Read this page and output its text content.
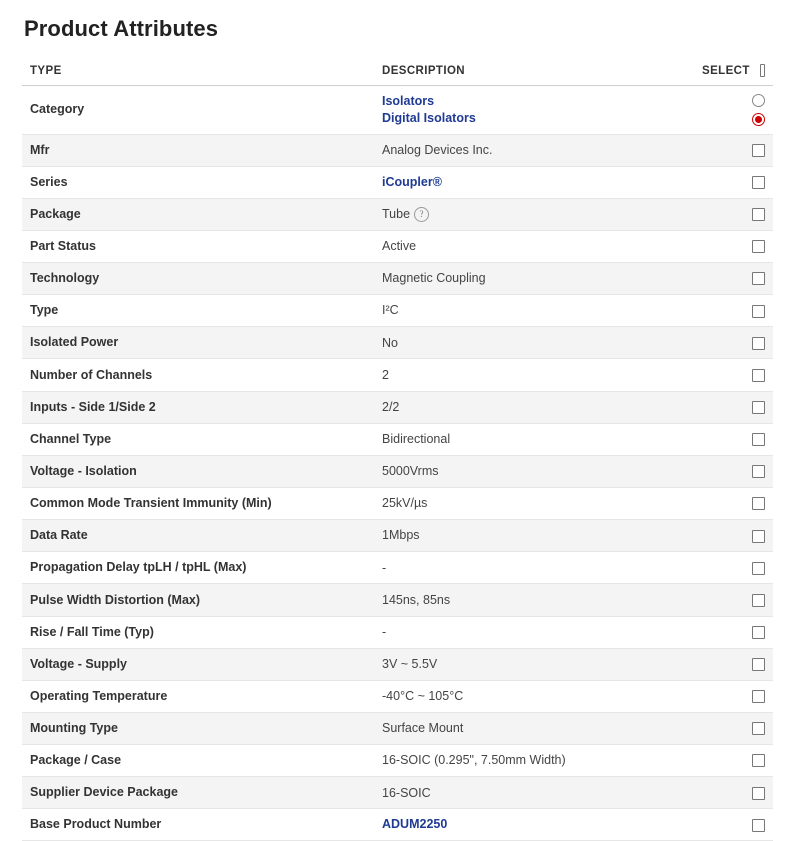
Product Attributes
TYPE	DESCRIPTION	SELECT

Category	Isolators
Digital Isolators	

Mfr	Analog Devices Inc.	
Series	iCoupler®	

Package	Tube ?	
Part Status	Active	
Technology	Magnetic Coupling	
Type	I²C	
Isolated Power	No	
Number of Channels	2	
Inputs - Side 1/Side 2	2/2	
Channel Type	Bidirectional	
Voltage - Isolation	5000Vrms	
Common Mode Transient Immunity (Min)	25kV/µs	
Data Rate	1Mbps	
Propagation Delay tpLH / tpHL (Max)	-	
Pulse Width Distortion (Max)	145ns, 85ns	
Rise / Fall Time (Typ)	-	
Voltage - Supply	3V ~ 5.5V	
Operating Temperature	-40°C ~ 105°C	
Mounting Type	Surface Mount	
Package / Case	16-SOIC (0.295", 7.50mm Width)	
Supplier Device Package	16-SOIC	
Base Product Number	ADUM2250	
